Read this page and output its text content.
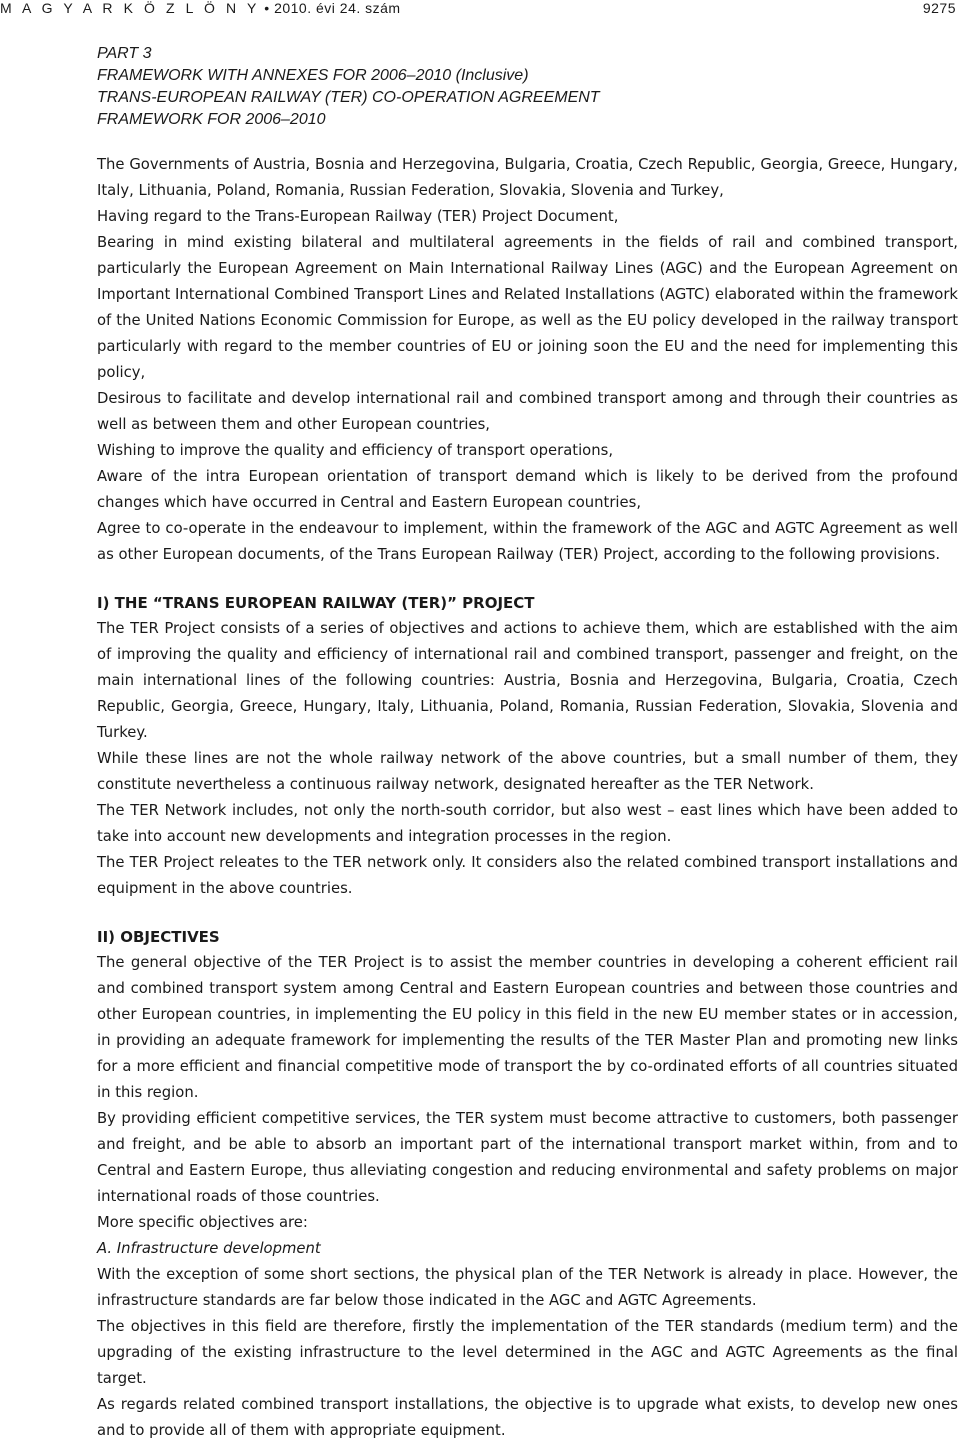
M A G Y A R K Ö Z L Ö N Y • 2010. évi 24. szám	9275
PART 3
FRAMEWORK WITH ANNEXES FOR 2006–2010 (Inclusive)
TRANS-EUROPEAN RAILWAY (TER) CO-OPERATION AGREEMENT
FRAMEWORK FOR 2006–2010

The Governments of Austria, Bosnia and Herzegovina, Bulgaria, Croatia, Czech Republic, Georgia, Greece, Hungary, Italy, Lithuania, Poland, Romania, Russian Federation, Slovakia, Slovenia and Turkey,

Having regard to the Trans-European Railway (TER) Project Document,

Bearing in mind existing bilateral and multilateral agreements in the fields of rail and combined transport, particularly the European Agreement on Main International Railway Lines (AGC) and the European Agreement on Important International Combined Transport Lines and Related Installations (AGTC) elaborated within the framework of the United Nations Economic Commission for Europe, as well as the EU policy developed in the railway transport particularly with regard to the member countries of EU or joining soon the EU and the need for implementing this policy,

Desirous to facilitate and develop international rail and combined transport among and through their countries as well as between them and other European countries,

Wishing to improve the quality and efficiency of transport operations,

Aware of the intra European orientation of transport demand which is likely to be derived from the profound changes which have occurred in Central and Eastern European countries,

Agree to co-operate in the endeavour to implement, within the framework of the AGC and AGTC Agreement as well as other European documents, of the Trans European Railway (TER) Project, according to the following provisions.

I) THE “TRANS EUROPEAN RAILWAY (TER)” PROJECT

The TER Project consists of a series of objectives and actions to achieve them, which are established with the aim of improving the quality and efficiency of international rail and combined transport, passenger and freight, on the main international lines of the following countries: Austria, Bosnia and Herzegovina, Bulgaria, Croatia, Czech Republic, Georgia, Greece, Hungary, Italy, Lithuania, Poland, Romania, Russian Federation, Slovakia, Slovenia and Turkey.

While these lines are not the whole railway network of the above countries, but a small number of them, they constitute nevertheless a continuous railway network, designated hereafter as the TER Network.

The TER Network includes, not only the north-south corridor, but also west – east lines which have been added to take into account new developments and integration processes in the region.

The TER Project releates to the TER network only. It considers also the related combined transport installations and equipment in the above countries.

II) OBJECTIVES

The general objective of the TER Project is to assist the member countries in developing a coherent efficient rail and combined transport system among Central and Eastern European countries and between those countries and other European countries, in implementing the EU policy in this field in the new EU member states or in accession, in providing an adequate framework for implementing the results of the TER Master Plan and promoting new links for a more efficient and financial competitive mode of transport the by co-ordinated efforts of all countries situated in this region.

By providing efficient competitive services, the TER system must become attractive to customers, both passenger and freight, and be able to absorb an important part of the international transport market within, from and to Central and Eastern Europe, thus alleviating congestion and reducing environmental and safety problems on major international roads of those countries.

More specific objectives are:

A. Infrastructure development

With the exception of some short sections, the physical plan of the TER Network is already in place. However, the infrastructure standards are far below those indicated in the AGC and AGTC Agreements.

The objectives in this field are therefore, firstly the implementation of the TER standards (medium term) and the upgrading of the existing infrastructure to the level determined in the AGC and AGTC Agreements as the final target.

As regards related combined transport installations, the objective is to upgrade what exists, to develop new ones and to provide all of them with appropriate equipment.
